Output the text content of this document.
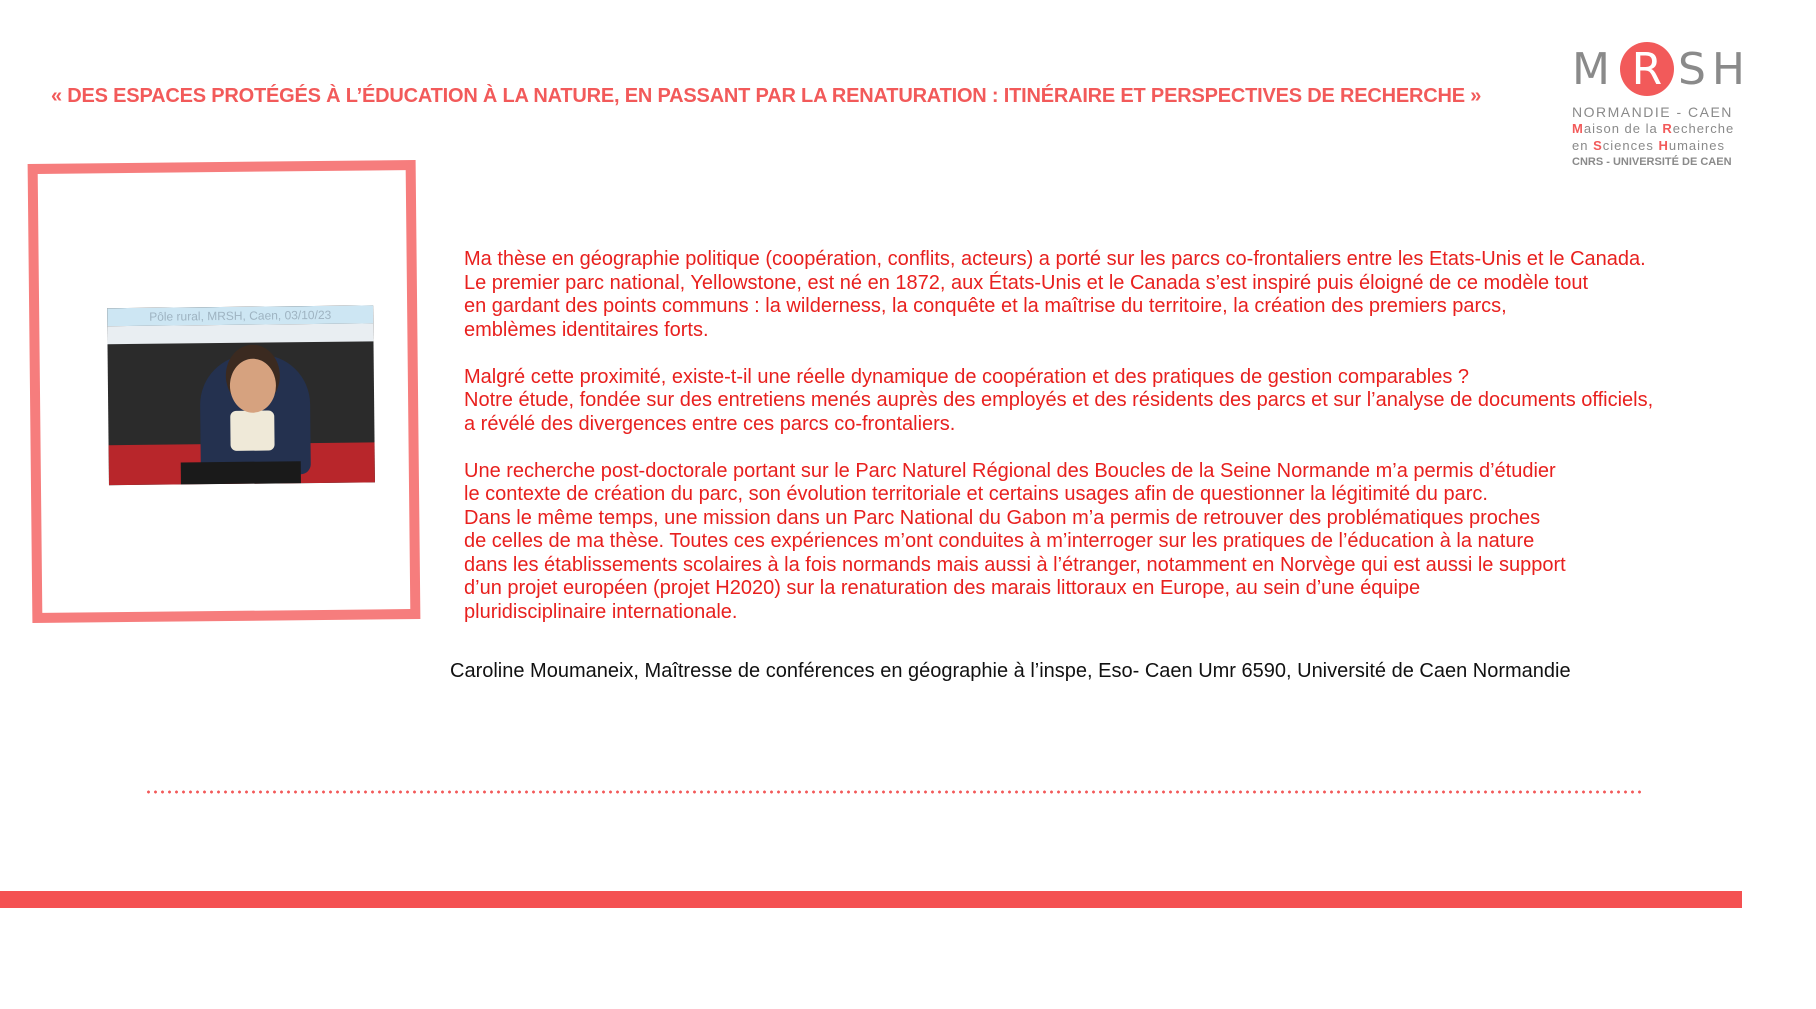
« DES ESPACES PROTÉGÉS À L’ÉDUCATION À LA NATURE, EN PASSANT PAR LA RENATURATION : ITINÉRAIRE ET PERSPECTIVES DE RECHERCHE »
M R SH
NORMANDIE - CAEN
Maison de la Recherche
en Sciences Humaines
CNRS - UNIVERSITÉ DE CAEN
Pôle rural, MRSH, Caen, 03/10/23

Ma thèse en géographie politique (coopération, conflits, acteurs) a porté sur les parcs co-frontaliers entre les Etats-Unis et le Canada.
Le premier parc national, Yellowstone, est né en 1872, aux États-Unis et le Canada s’est inspiré puis éloigné de ce modèle tout
en gardant des points communs : la wilderness, la conquête et la maîtrise du territoire, la création des premiers parcs,
emblèmes identitaires forts.

Malgré cette proximité, existe-t-il une réelle dynamique de coopération et des pratiques de gestion comparables ?
Notre étude, fondée sur des entretiens menés auprès des employés et des résidents des parcs et sur l’analyse de documents officiels,
a révélé des divergences entre ces parcs co-frontaliers.

Une recherche post-doctorale portant sur le Parc Naturel Régional des Boucles de la Seine Normande m’a permis d’étudier
le contexte de création du parc, son évolution territoriale et certains usages afin de questionner la légitimité du parc.
Dans le même temps, une mission dans un Parc National du Gabon m’a permis de retrouver des problématiques proches
de celles de ma thèse. Toutes ces expériences m’ont conduites à m’interroger sur les pratiques de l’éducation à la nature
dans les établissements scolaires à la fois normands mais aussi à l’étranger, notamment en Norvège qui est aussi le support
d’un projet européen (projet H2020) sur la renaturation des marais littoraux en Europe, au sein d’une équipe
pluridisciplinaire internationale.

Caroline Moumaneix, Maîtresse de conférences en géographie à l’inspe, Eso- Caen Umr 6590, Université de Caen Normandie
